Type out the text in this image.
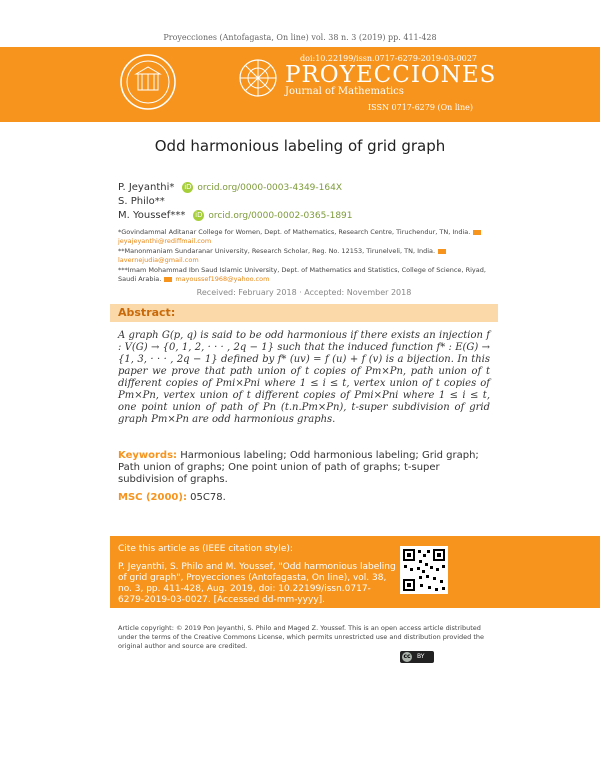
Proyecciones (Antofagasta, On line) vol. 38 n. 3 (2019) pp. 411-428
doi:10.22199/issn.0717-6279-2019-03-0027
PROYECCIONES
Journal of Mathematics
ISSN 0717-6279 (On line)
Odd harmonious labeling of grid graph
P. Jeyanthi* iD orcid.org/0000-0003-4349-164X
S. Philo**
M. Youssef*** iD orcid.org/0000-0002-0365-1891
*Govindammal Aditanar College for Women, Dept. of Mathematics, Research Centre, Tiruchendur, TN, India.jeyajeyanthi@rediffmail.com
**Manonmaniam Sundaranar University, Research Scholar, Reg. No. 12153, Tirunelveli, TN, India.lavernejudia@gmail.com
***Imam Mohammad Ibn Saud Islamic University, Dept. of Mathematics and Statistics, College of Science, Riyad, Saudi Arabia. mayoussef1968@yahoo.com
Received: February 2018 · Accepted: November 2018
Abstract:
A graph G(p, q) is said to be odd harmonious if there exists an injection f : V(G) → {0, 1, 2, · · · , 2q − 1} such that the induced function f* : E(G) → {1, 3, · · · , 2q − 1} defined by f* (uv) = f (u) + f (v) is a bijection. In this paper we prove that path union of t copies of Pm×Pn, path union of t different copies of Pmi×Pni where 1 ≤ i ≤ t, vertex union of t copies of Pm×Pn, vertex union of t different copies of Pmi×Pni where 1 ≤ i ≤ t, one point union of path of Pn (t.n.Pm×Pn), t-super subdivision of grid graph Pm×Pn are odd harmonious graphs.
Keywords: Harmonious labeling; Odd harmonious labeling; Grid graph; Path union of graphs; One point union of path of graphs; t-super subdivision of graphs.
MSC (2000): 05C78.
Cite this article as (IEEE citation style):
P. Jeyanthi, S. Philo and M. Youssef, "Odd harmonious labeling of grid graph", Proyecciones (Antofagasta, On line), vol. 38, no. 3, pp. 411-428, Aug. 2019, doi: 10.22199/issn.0717-6279-2019-03-0027. [Accessed dd-mm-yyyy].
Article copyright: © 2019 Pon Jeyanthi, S. Philo and Maged Z. Youssef. This is an open access article distributed under the terms of the Creative Commons License, which permits unrestricted use and distribution provided the original author and source are credited.
cc BY
